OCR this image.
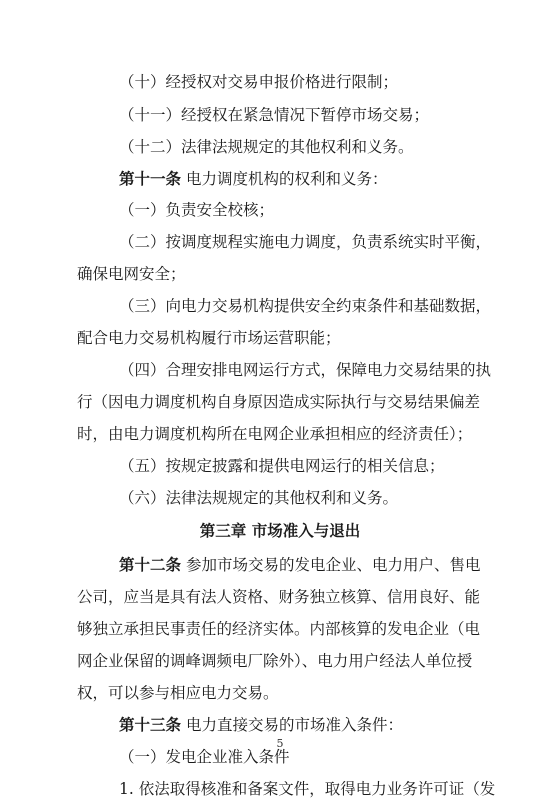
（十）经授权对交易申报价格进行限制；
（十一）经授权在紧急情况下暂停市场交易；
（十二）法律法规规定的其他权利和义务。
第十一条 电力调度机构的权利和义务：
（一）负责安全校核；
（二）按调度规程实施电力调度，负责系统实时平衡，
确保电网安全；
（三）向电力交易机构提供安全约束条件和基础数据，
配合电力交易机构履行市场运营职能；
（四）合理安排电网运行方式，保障电力交易结果的执
行（因电力调度机构自身原因造成实际执行与交易结果偏差
时，由电力调度机构所在电网企业承担相应的经济责任）；
（五）按规定披露和提供电网运行的相关信息；
（六）法律法规规定的其他权利和义务。
第三章 市场准入与退出
第十二条 参加市场交易的发电企业、电力用户、售电
公司，应当是具有法人资格、财务独立核算、信用良好、能
够独立承担民事责任的经济实体。内部核算的发电企业（电
网企业保留的调峰调频电厂除外）、电力用户经法人单位授
权，可以参与相应电力交易。
第十三条 电力直接交易的市场准入条件：
（一）发电企业准入条件
1. 依法取得核准和备案文件，取得电力业务许可证（发
5
